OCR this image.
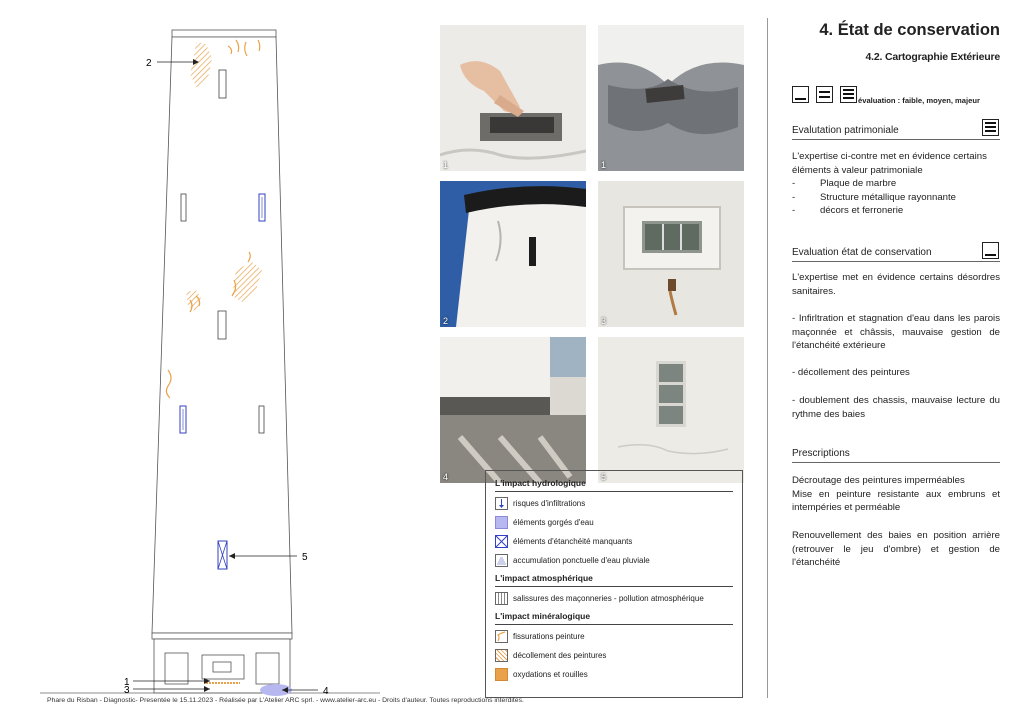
2
5
1
3	4
1	1
2	3
4	5
L'impact hydrologique
risques d'infiltrations
éléments gorgés d'eau
éléments d'étanchéité manquants
accumulation ponctuelle d'eau pluviale
L'impact atmosphérique
salissures des maçonneries - pollution atmosphérique
L'impact minéralogique
fissurations peinture
décollement des peintures
oxydations et rouilles
4. État de conservation
4.2. Cartographie Extérieure
évaluation : faible, moyen, majeur
Evalutation patrimoniale
L'expertise ci-contre met en évidence certains éléments à valeur patrimoniale
-	Plaque de marbre
-	Structure métallique rayonnante
-	décors et ferronerie
Evaluation état de conservation
L'expertise met en évidence certains désordres sanitaires.
- Infirltration et stagnation d'eau dans les parois maçonnée et châssis, mauvaise gestion de l'étanchéité extérieure
- décollement des peintures
- doublement des chassis, mauvaise lecture du rythme des baies
Prescriptions
Décroutage des peintures imperméables
Mise en peinture resistante aux embruns et intempéries et perméable
Renouvellement des baies en position arrière (retrouver le jeu d'ombre) et gestion de l'étanchéité
Phare du Risban - Diagnostic- Presentée le 15.11.2023 - Réalisée par L'Atelier ARC sprl. - www.atelier-arc.eu - Droits d'auteur. Toutes reproductions interdites.
